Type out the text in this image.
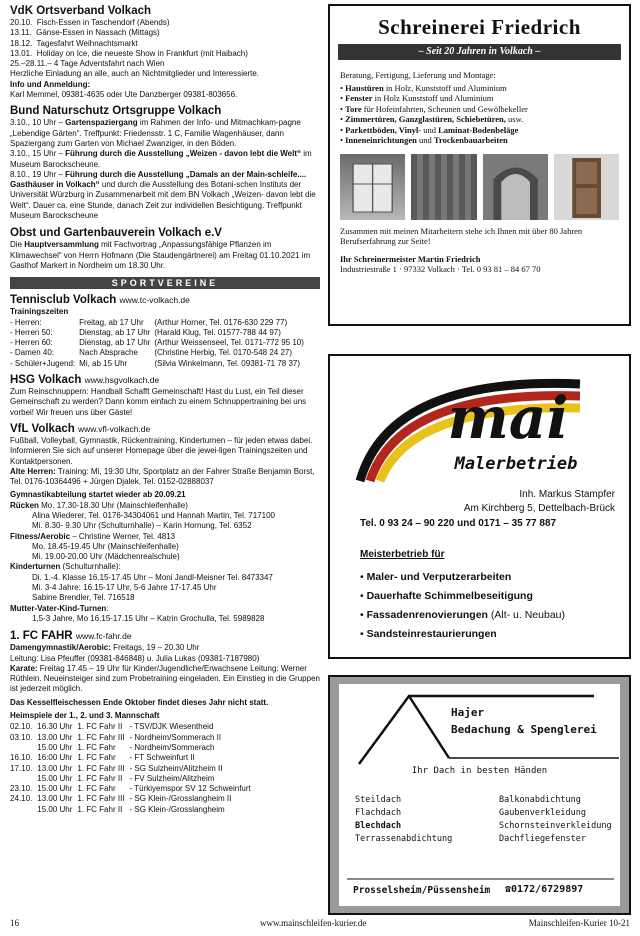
VdK Ortsverband Volkach
20.10.  Fisch-Essen in Taschendorf (Abends)
13.11.  Gänse-Essen in Nassach (Mittags)
18.12.  Tagesfahrt Weihnachtsmarkt
13.01.  Holiday on Ice, die neueste Show in Frankfurt (mit Haibach)
25.–28.11.– 4 Tage Adventsfahrt nach Wien
Herzliche Einladung an alle, auch an Nichtmitglieder und Interessierte.
Info und Anmeldung:
Karl Memmel, 09381-4635 oder Ute Danzberger 09381-803656.
Bund Naturschutz Ortsgruppe Volkach
3.10., 10 Uhr – Gartenspaziergang im Rahmen der Info- und Mitmachkam-pagne „Lebendige Gärten“. Treffpunkt: Friedensstr. 1 C, Familie Wagenhäuser, dann Spaziergang zum Garten von Michael Zwanziger, in den Böden.
3.10., 15 Uhr – Führung durch die Ausstellung „Weizen - davon lebt die Welt“ im Museum Barockscheune.
8.10., 19 Uhr – Führung durch die Ausstellung „Damals an der Main-schleife.... Gasthäuser in Volkach“ und durch die Ausstellung des Botani-schen Instituts der Universität Würzburg in Zusammenarbeit mit dem BN Volkach „Weizen- davon lebt die Welt“. Dauer ca. eine Stunde, danach Zeit zur individellen Besichtigung. Treffpunkt Museum Barockscheune
Obst und Gartenbauverein Volkach e.V
Die Hauptversammlung mit Fachvortrag „Anpassungsfähige Pflanzen im Klimawechsel“ von Herrn Hofmann (Die Staudengärtnerei) am Freitag 01.10.2021 im Gasthof Markert in Nordheim um 18.30 Uhr.
SPORTVEREINE
Tennisclub Volkach www.tc-volkach.de
Trainingszeiten
- Herren:	Freitag, ab 17 Uhr	(Arthur Horner, Tel. 0176-630 229 77)
- Herren 50:	Dienstag, ab 17 Uhr	(Harald Klug, Tel. 01577-788 44 97)
- Herren 60:	Dienstag, ab 17 Uhr	(Arthur Weissenseel, Tel. 0171-772 95 10)
- Damen 40:	Nach Absprache	(Christine Herbig, Tel. 0170-548 24 27)
- Schüler+Jugend:	Mi, ab 15 Uhr	(Silvia Winkelmann, Tel. 09381-71 78 37)
HSG Volkach www.hsgvolkach.de
Zum Reinschnuppern: Handball Schafft Gemeinschaft! Hast du Lust, ein Teil dieser Gemeinschaft zu werden? Dann komm einfach zu einem Schnuppertraining bei uns vorbei! Wir freuen uns über Gäste!
VfL Volkach www.vfl-volkach.de
Fußball, Volleyball, Gymnastik, Rückentraining, Kinderturnen – für jeden etwas dabei. Informieren Sie sich auf unserer Homepage über die jewei-ligen Trainingszeiten und Kontaktpersonen.
Alte Herren: Training: Mi, 19:30 Uhr, Sportplatz an der Fahrer Straße Benjamin Borst, Tel. 0176-10364496 + Jürgen Djalek, Tel. 0152-02888037
Gymnastikabteilung startet wieder ab 20.09.21
Rücken Mo. 17.30-18.30 Uhr (Mainschleifenhalle)
Alina Wiederer, Tel. 0176-34304061 und Hannah Martin, Tel. 717100
Mi. 8.30- 9.30 Uhr (Schulturnhalle) – Karin Hornung, Tel. 6352
Fitness/Aerobic – Christine Werner, Tel. 4813
Mo. 18.45-19.45 Uhr (Mainschleifenhalle)
Mi. 19.00-20.00 Uhr (Mädchenrealschule)
Kinderturnen (Schulturnhalle):
Di. 1.-4. Klasse 16.15-17.45 Uhr – Moni Jandl-Meisner Tel. 8473347
Mi. 3-4 Jahre: 16.15-17 Uhr, 5-6 Jahre 17-17.45 Uhr
Sabine Brendler, Tel. 716518
Mutter-Vater-Kind-Turnen:
1,5-3 Jahre, Mo 16.15-17.15 Uhr – Katrin Grochulla, Tel. 5989828
1. FC FAHR www.fc-fahr.de
Damengymnastik/Aerobic: Freitags, 19 – 20.30 Uhr
Leitung: Lisa Pfeuffer (09381-846848) u. Julia Lukas (09381-7187980)
Karate: Freitag 17.45 – 19 Uhr für Kinder/Jugendliche/Erwachsene Leitung: Werner Rüthlein. Neueinsteiger sind zum Probetraining eingeladen. Ein Einstieg in die Gruppen ist jederzeit möglich.
Das Kesselfleischessen Ende Oktober findet dieses Jahr nicht statt.
Heimspiele der 1., 2. und 3. Mannschaft
02.10.	16.30 Uhr	1. FC Fahr II	- TSV/DJK Wiesentheid
03.10.	13.00 Uhr	1. FC Fahr III	- Nordheim/Sommerach II
	15.00 Uhr	1. FC Fahr	- Nordheim/Sommerach
16.10.	16:00 Uhr	1. FC Fahr	- FT Schweinfurt II
17.10.	13.00 Uhr	1. FC Fahr III	- SG Sulzheim/Alitzheim II
	15.00 Uhr	1. FC Fahr II	- FV Sulzheim/Alitzheim
23.10.	15.00 Uhr	1. FC Fahr	- Türkiyemspor SV 12 Schweinfurt
24.10.	13.00 Uhr	1. FC Fahr III	- SG Klein-/Grosslangheim II
	15.00 Uhr	1. FC Fahr II	- SG Klein-/Grosslangheim
Schreinerei Friedrich
– Seit 20 Jahren in Volkach –
Beratung, Fertigung, Lieferung und Montage:
• Haustüren in Holz, Kunststoff und Aluminium
• Fenster in Holz Kunststoff und Aluminium
• Tore für Hofeinfahrten, Scheunen und Gewölbekeller
• Zimmertüren, Ganzglastüren, Schiebetüren, usw.
• Parkettböden, Vinyl- und Laminat-Bodenbeläge
• Inneneinrichtungen und Trockenbauarbeiten
Zusammen mit meinen Mitarbeitern stehe ich Ihnen mit über 80 Jahren Berufserfahrung zur Seite!
Ihr Schreinermeister Martin Friedrich
Industriestraße 1 · 97332 Volkach · Tel. 0 93 81 – 84 67 70
mai
Malerbetrieb
Inh. Markus Stampfer
Am Kirchberg 5, Dettelbach-Brück
Tel. 0 93 24 – 90 220 und 0171 – 35 77 887
Meisterbetrieb für
• Maler- und Verputzerarbeiten
• Dauerhafte Schimmelbeseitigung
• Fassadenrenovierungen (Alt- u. Neubau)
• Sandsteinrestaurierungen
Hajer
Bedachung & Spenglerei
Ihr Dach in besten Händen
Steildach
Flachdach
Blechdach
Terrassenabdichtung
Balkonabdichtung
Gaubenverkleidung
Schornsteinverkleidung
Dachfliegefenster
Prosselsheim/Püssensheim ☎0172/6729897
16	www.mainschleifen-kurier.de	Mainschleifen-Kurier 10-21
